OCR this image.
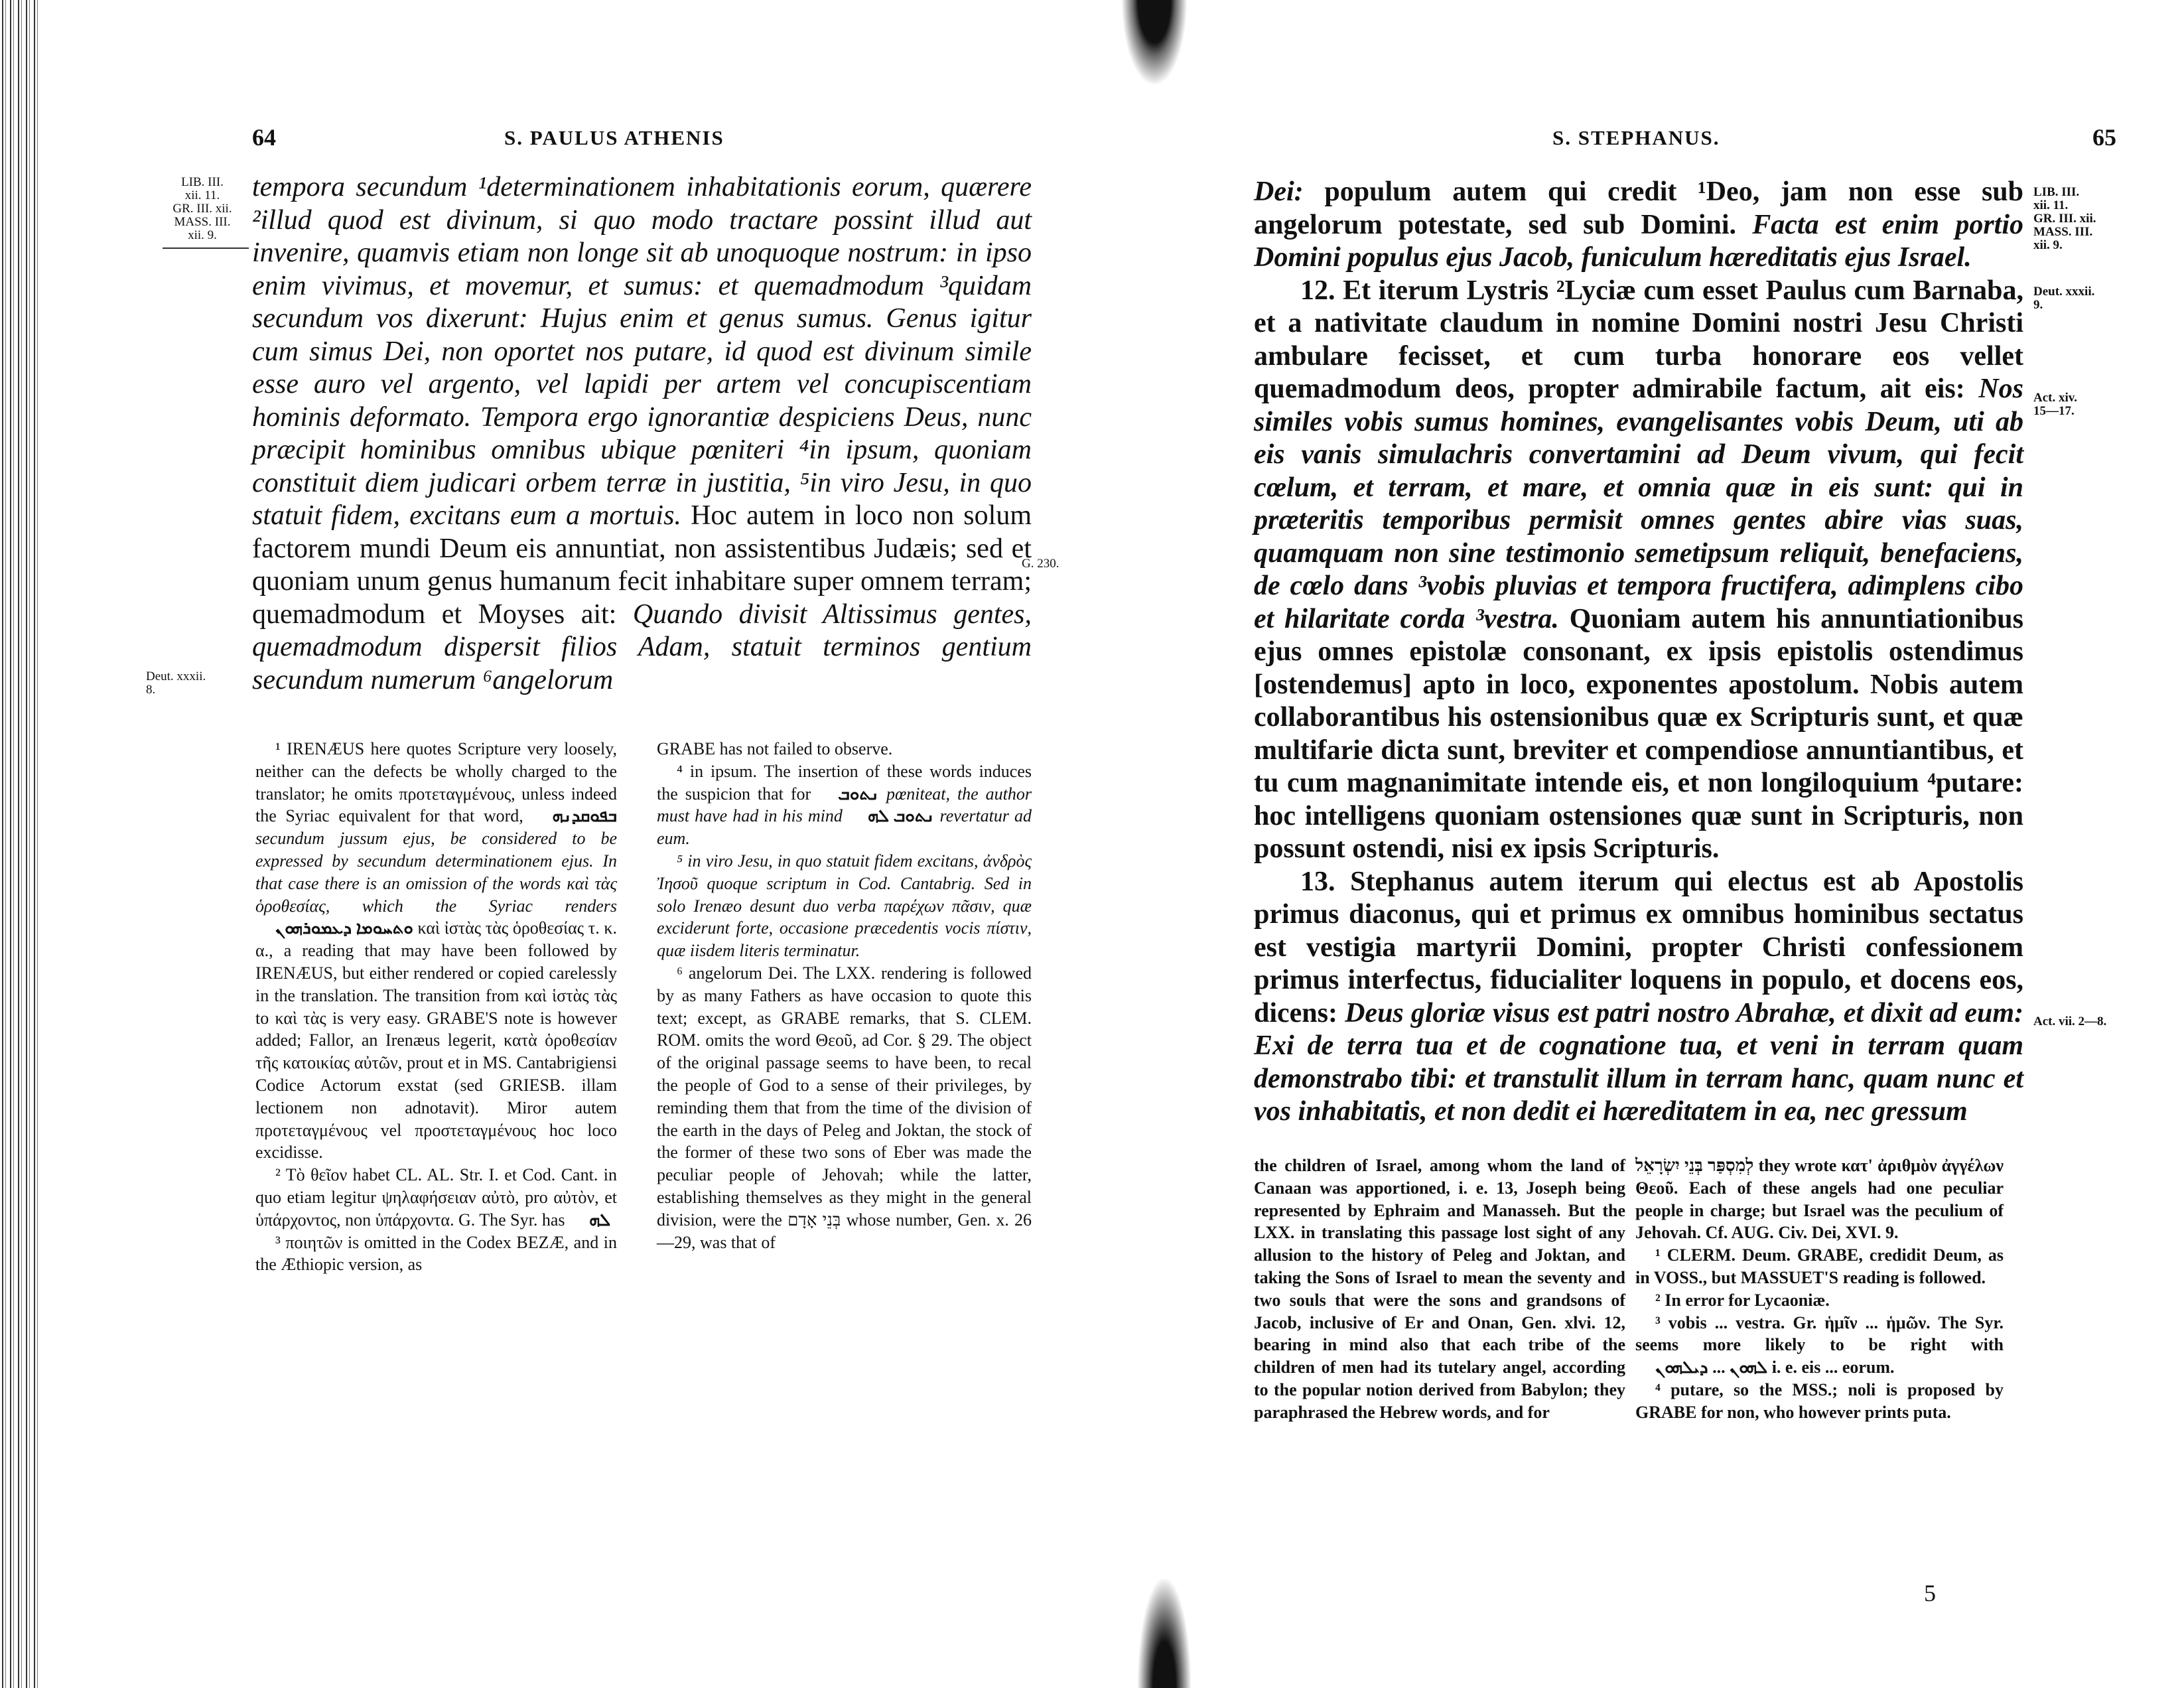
64	S. PAULUS ATHENIS
LIB. III.
xii. 11.
GR. III. xii.
MASS. III.
xii. 9.
G. 230.
Deut. xxxii.
8.

tempora secundum ¹determinationem inhabitationis eorum, quærere ²illud quod est divinum, si quo modo tractare possint illud aut invenire, quamvis etiam non longe sit ab unoquoque nostrum: in ipso enim vivimus, et movemur, et sumus: et quemadmodum ³quidam secundum vos dixerunt: Hujus enim et genus sumus. Genus igitur cum simus Dei, non oportet nos putare, id quod est divinum simile esse auro vel argento, vel lapidi per artem vel concupiscentiam hominis deformato. Tempora ergo ignorantiæ despiciens Deus, nunc præcipit hominibus omnibus ubique pœniteri ⁴in ipsum, quoniam constituit diem judicari orbem terræ in justitia, ⁵in viro Jesu, in quo statuit fidem, excitans eum a mortuis. Hoc autem in loco non solum factorem mundi Deum eis annuntiat, non assistentibus Judæis; sed et quoniam unum genus humanum fecit inhabitare super omnem terram; quemadmodum et Moyses ait: Quando divisit Altissimus gentes, quemadmodum dispersit filios Adam, statuit terminos gentium secundum numerum ⁶angelorum

¹ IRENÆUS here quotes Scripture very loosely, neither can the defects be wholly charged to the translator; he omits προτεταγμένους, unless indeed the Syriac equivalent for that word, ܒܦܘܩܕܢܗ secundum jussum ejus, be considered to be expressed by secundum determinationem ejus. In that case there is an omission of the words καὶ τὰς ὁροθεσίας, which the Syriac renders ܘܬܚܘܡܐ ܕܥܡܘܪܗܘܢ καὶ ἰστὰς τὰς ὁροθεσίας τ. κ. α., a reading that may have been followed by IRENÆUS, but either rendered or copied carelessly in the translation. The transition from καὶ ἱστὰς τὰς to καὶ τὰς is very easy. GRABE'S note is however added; Fallor, an Irenæus legerit, κατὰ ὁροθεσίαν τῆς κατοικίας αὐτῶν, prout et in MS. Cantabrigiensi Codice Actorum exstat (sed GRIESB. illam lectionem non adnotavit). Miror autem προτεταγμένους vel προστεταγμένους hoc loco excidisse.

² Τὸ θεῖον habet CL. AL. Str. I. et Cod. Cant. in quo etiam legitur ψηλαφήσειαν αὐτὸ, pro αὐτὸν, et ὑπάρχοντος, non ὑπάρχοντα. G. The Syr. has ܠܗ

³ ποιητῶν is omitted in the Codex BEZÆ, and in the Æthiopic version, as

GRABE has not failed to observe.

⁴ in ipsum. The insertion of these words induces the suspicion that for ܢܬܘܒ pœniteat, the author must have had in his mind ܢܬܘܒ ܠܗ revertatur ad eum.

⁵ in viro Jesu, in quo statuit fidem excitans, ἀνδρὸς Ἰησοῦ quoque scriptum in Cod. Cantabrig. Sed in solo Irenæo desunt duo verba παρέχων πᾶσιν, quæ exciderunt forte, occasione præcedentis vocis πίστιν, quæ iisdem literis terminatur.

⁶ angelorum Dei. The LXX. rendering is followed by as many Fathers as have occasion to quote this text; except, as GRABE remarks, that S. CLEM. ROM. omits the word Θεοῦ, ad Cor. § 29. The object of the original passage seems to have been, to recal the people of God to a sense of their privileges, by reminding them that from the time of the division of the earth in the days of Peleg and Joktan, the stock of the former of these two sons of Eber was made the peculiar people of Jehovah; while the latter, establishing themselves as they might in the general division, were the בְּנֵי אָדָם whose number, Gen. x. 26—29, was that of

S. STEPHANUS.	65
LIB. III.
xii. 11.
GR. III. xii.
MASS. III.
xii. 9.
Deut. xxxii.
9.
Act. xiv.
15—17.
Act. vii. 2—8.

Dei: populum autem qui credit ¹Deo, jam non esse sub angelorum potestate, sed sub Domini. Facta est enim portio Domini populus ejus Jacob, funiculum hæreditatis ejus Israel.

12. Et iterum Lystris ²Lyciæ cum esset Paulus cum Barnaba, et a nativitate claudum in nomine Domini nostri Jesu Christi ambulare fecisset, et cum turba honorare eos vellet quemadmodum deos, propter admirabile factum, ait eis: Nos similes vobis sumus homines, evangelisantes vobis Deum, uti ab eis vanis simulachris convertamini ad Deum vivum, qui fecit cœlum, et terram, et mare, et omnia quæ in eis sunt: qui in præteritis temporibus permisit omnes gentes abire vias suas, quamquam non sine testimonio semetipsum reliquit, benefaciens, de cœlo dans ³vobis pluvias et tempora fructifera, adimplens cibo et hilaritate corda ³vestra. Quoniam autem his annuntiationibus ejus omnes epistolæ consonant, ex ipsis epistolis ostendimus [ostendemus] apto in loco, exponentes apostolum. Nobis autem collaborantibus his ostensionibus quæ ex Scripturis sunt, et quæ multifarie dicta sunt, breviter et compendiose annuntiantibus, et tu cum magnanimitate intende eis, et non longiloquium ⁴putare: hoc intelligens quoniam ostensiones quæ sunt in Scripturis, non possunt ostendi, nisi ex ipsis Scripturis.

13. Stephanus autem iterum qui electus est ab Apostolis primus diaconus, qui et primus ex omnibus hominibus sectatus est vestigia martyrii Domini, propter Christi confessionem primus interfectus, fiducialiter loquens in populo, et docens eos, dicens: Deus gloriæ visus est patri nostro Abrahæ, et dixit ad eum: Exi de terra tua et de cognatione tua, et veni in terram quam demonstrabo tibi: et transtulit illum in terram hanc, quam nunc et vos inhabitatis, et non dedit ei hæreditatem in ea, nec gressum

the children of Israel, among whom the land of Canaan was apportioned, i. e. 13, Joseph being represented by Ephraim and Manasseh. But the LXX. in translating this passage lost sight of any allusion to the history of Peleg and Joktan, and taking the Sons of Israel to mean the seventy and two souls that were the sons and grandsons of Jacob, inclusive of Er and Onan, Gen. xlvi. 12, bearing in mind also that each tribe of the children of men had its tutelary angel, according to the popular notion derived from Babylon; they paraphrased the Hebrew words, and for

לְמִסְפַּר בְּנֵי יִשְׂרָאֵל they wrote κατ' ἀριθμὸν ἀγγέλων Θεοῦ. Each of these angels had one peculiar people in charge; but Israel was the peculium of Jehovah. Cf. AUG. Civ. Dei, XVI. 9.

¹ CLERM. Deum. GRABE, credidit Deum, as in VOSS., but MASSUET'S reading is followed.

² In error for Lycaoniæ.

³ vobis ... vestra. Gr. ἡμῖν ... ἡμῶν. The Syr. seems more likely to be right with ܠܗܘܢ ... ܕܝܠܗܘܢ i. e. eis ... eorum.

⁴ putare, so the MSS.; noli is proposed by GRABE for non, who however prints puta.

5
